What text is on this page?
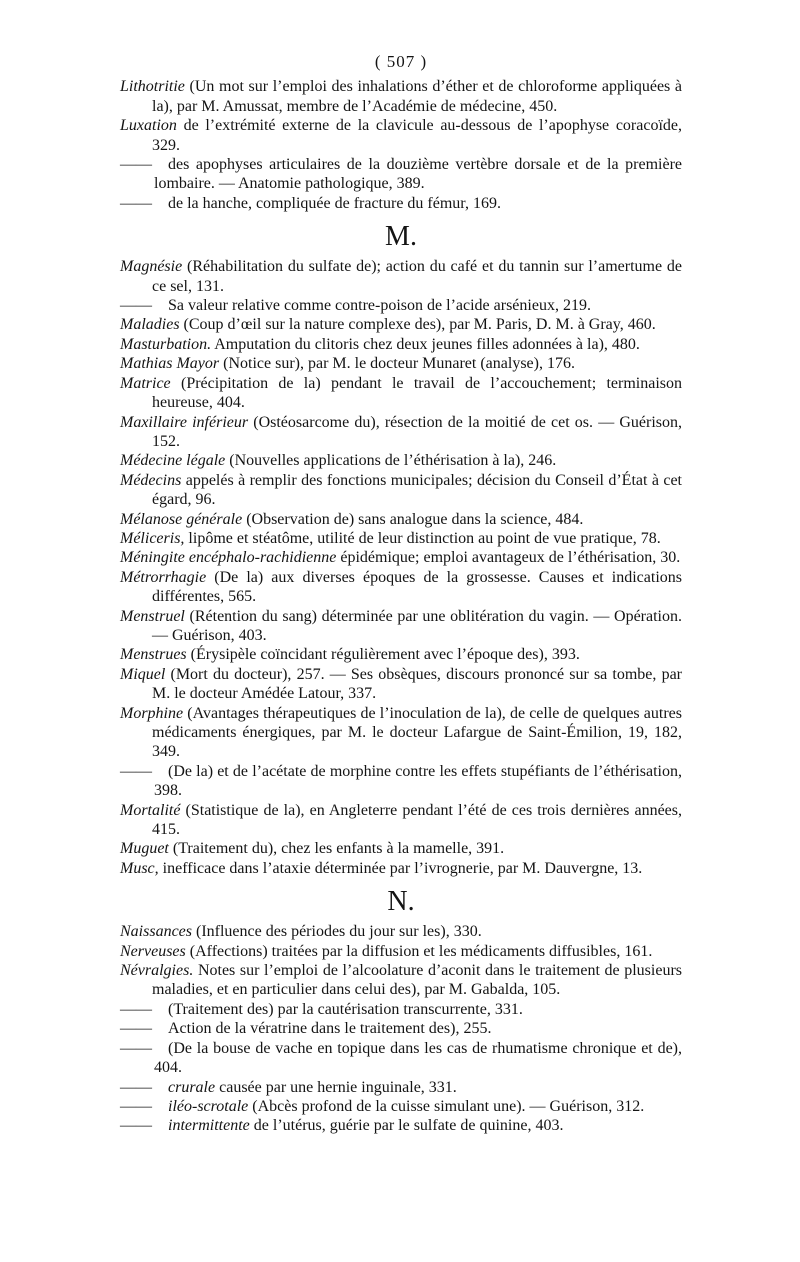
( 507 )

Lithotritie (Un mot sur l’emploi des inhalations d’éther et de chloroforme appliquées à la), par M. Amussat, membre de l’Académie de médecine, 450.

Luxation de l’extrémité externe de la clavicule au-dessous de l’apophyse coracoïde, 329.

—— des apophyses articulaires de la douzième vertèbre dorsale et de la première lombaire. — Anatomie pathologique, 389.

—— de la hanche, compliquée de fracture du fémur, 169.

M.

Magnésie (Réhabilitation du sulfate de); action du café et du tannin sur l’amertume de ce sel, 131.

—— Sa valeur relative comme contre-poison de l’acide arsénieux, 219.

Maladies (Coup d’œil sur la nature complexe des), par M. Paris, D. M. à Gray, 460.

Masturbation. Amputation du clitoris chez deux jeunes filles adonnées à la), 480.

Mathias Mayor (Notice sur), par M. le docteur Munaret (analyse), 176.

Matrice (Précipitation de la) pendant le travail de l’accouchement; terminaison heureuse, 404.

Maxillaire inférieur (Ostéosarcome du), résection de la moitié de cet os. — Guérison, 152.

Médecine légale (Nouvelles applications de l’éthérisation à la), 246.

Médecins appelés à remplir des fonctions municipales; décision du Conseil d’État à cet égard, 96.

Mélanose générale (Observation de) sans analogue dans la science, 484.

Méliceris, lipôme et stéatôme, utilité de leur distinction au point de vue pratique, 78.

Méningite encéphalo-rachidienne épidémique; emploi avantageux de l’éthérisation, 30.

Métrorrhagie (De la) aux diverses époques de la grossesse. Causes et indications différentes, 565.

Menstruel (Rétention du sang) déterminée par une oblitération du vagin. — Opération. — Guérison, 403.

Menstrues (Érysipèle coïncidant régulièrement avec l’époque des), 393.

Miquel (Mort du docteur), 257. — Ses obsèques, discours prononcé sur sa tombe, par M. le docteur Amédée Latour, 337.

Morphine (Avantages thérapeutiques de l’inoculation de la), de celle de quelques autres médicaments énergiques, par M. le docteur Lafargue de Saint-Émilion, 19, 182, 349.

—— (De la) et de l’acétate de morphine contre les effets stupéfiants de l’éthérisation, 398.

Mortalité (Statistique de la), en Angleterre pendant l’été de ces trois dernières années, 415.

Muguet (Traitement du), chez les enfants à la mamelle, 391.

Musc, inefficace dans l’ataxie déterminée par l’ivrognerie, par M. Dauvergne, 13.

N.

Naissances (Influence des périodes du jour sur les), 330.

Nerveuses (Affections) traitées par la diffusion et les médicaments diffusibles, 161.

Névralgies. Notes sur l’emploi de l’alcoolature d’aconit dans le traitement de plusieurs maladies, et en particulier dans celui des), par M. Gabalda, 105.

—— (Traitement des) par la cautérisation transcurrente, 331.

—— Action de la vératrine dans le traitement des), 255.

—— (De la bouse de vache en topique dans les cas de rhumatisme chronique et de), 404.

—— crurale causée par une hernie inguinale, 331.

—— iléo-scrotale (Abcès profond de la cuisse simulant une). — Guérison, 312.

—— intermittente de l’utérus, guérie par le sulfate de quinine, 403.
